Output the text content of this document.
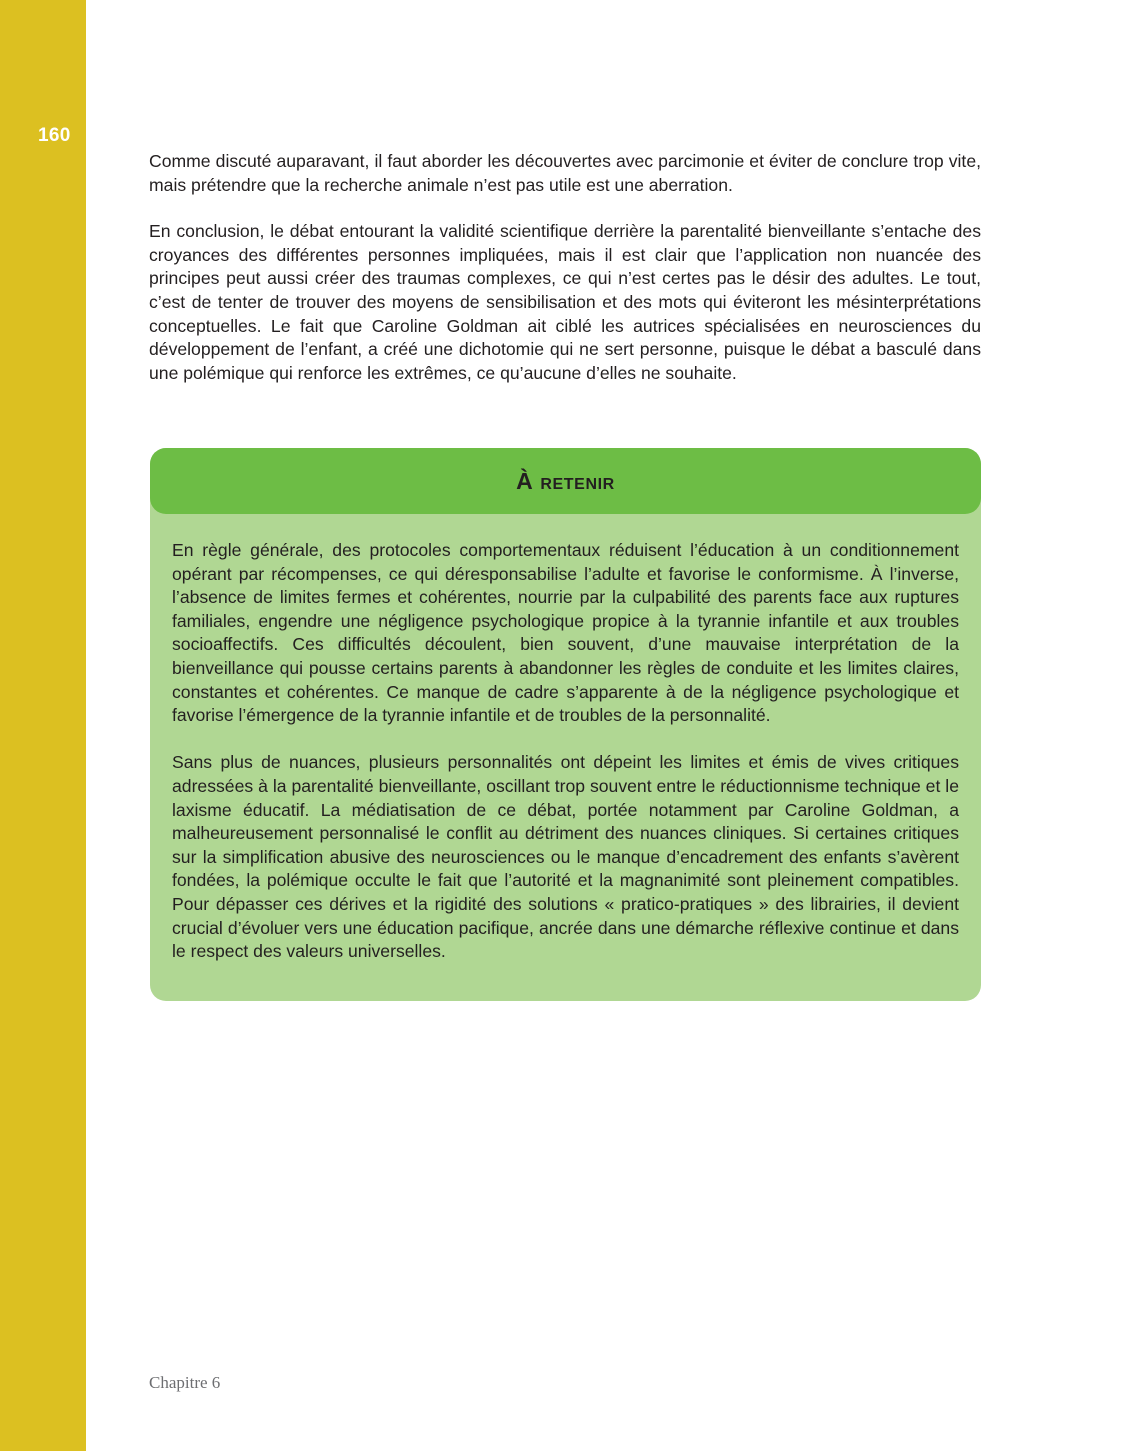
160

Comme discuté auparavant, il faut aborder les découvertes avec parcimonie et éviter de conclure trop vite, mais prétendre que la recherche animale n’est pas utile est une aberration.

En conclusion, le débat entourant la validité scientifique derrière la parentalité bienveillante s’entache des croyances des différentes personnes impliquées, mais il est clair que l’application non nuancée des principes peut aussi créer des traumas complexes, ce qui n’est certes pas le désir des adultes. Le tout, c’est de tenter de trouver des moyens de sensibilisation et des mots qui éviteront les mésinterprétations conceptuelles. Le fait que Caroline Goldman ait ciblé les autrices spécialisées en neurosciences du développement de l’enfant, a créé une dichotomie qui ne sert personne, puisque le débat a basculé dans une polémique qui renforce les extrêmes, ce qu’aucune d’elles ne souhaite.

À retenir

En règle générale, des protocoles comportementaux réduisent l’éducation à un conditionnement opérant par récompenses, ce qui déresponsabilise l’adulte et favorise le conformisme. À l’inverse, l’absence de limites fermes et cohérentes, nourrie par la culpabilité des parents face aux ruptures familiales, engendre une négligence psychologique propice à la tyrannie infantile et aux troubles socioaffectifs. Ces difficultés découlent, bien souvent, d’une mauvaise interprétation de la bienveillance qui pousse certains parents à abandonner les règles de conduite et les limites claires, constantes et cohérentes. Ce manque de cadre s’apparente à de la négligence psychologique et favorise l’émergence de la tyrannie infantile et de troubles de la personnalité.

Sans plus de nuances, plusieurs personnalités ont dépeint les limites et émis de vives critiques adressées à la parentalité bienveillante, oscillant trop souvent entre le réductionnisme technique et le laxisme éducatif. La médiatisation de ce débat, portée notamment par Caroline Goldman, a malheureusement personnalisé le conflit au détriment des nuances cliniques. Si certaines critiques sur la simplification abusive des neurosciences ou le manque d’encadrement des enfants s’avèrent fondées, la polémique occulte le fait que l’autorité et la magnanimité sont pleinement compatibles. Pour dépasser ces dérives et la rigidité des solutions « pratico-pratiques » des librairies, il devient crucial d’évoluer vers une éducation pacifique, ancrée dans une démarche réflexive continue et dans le respect des valeurs universelles.

Chapitre 6
